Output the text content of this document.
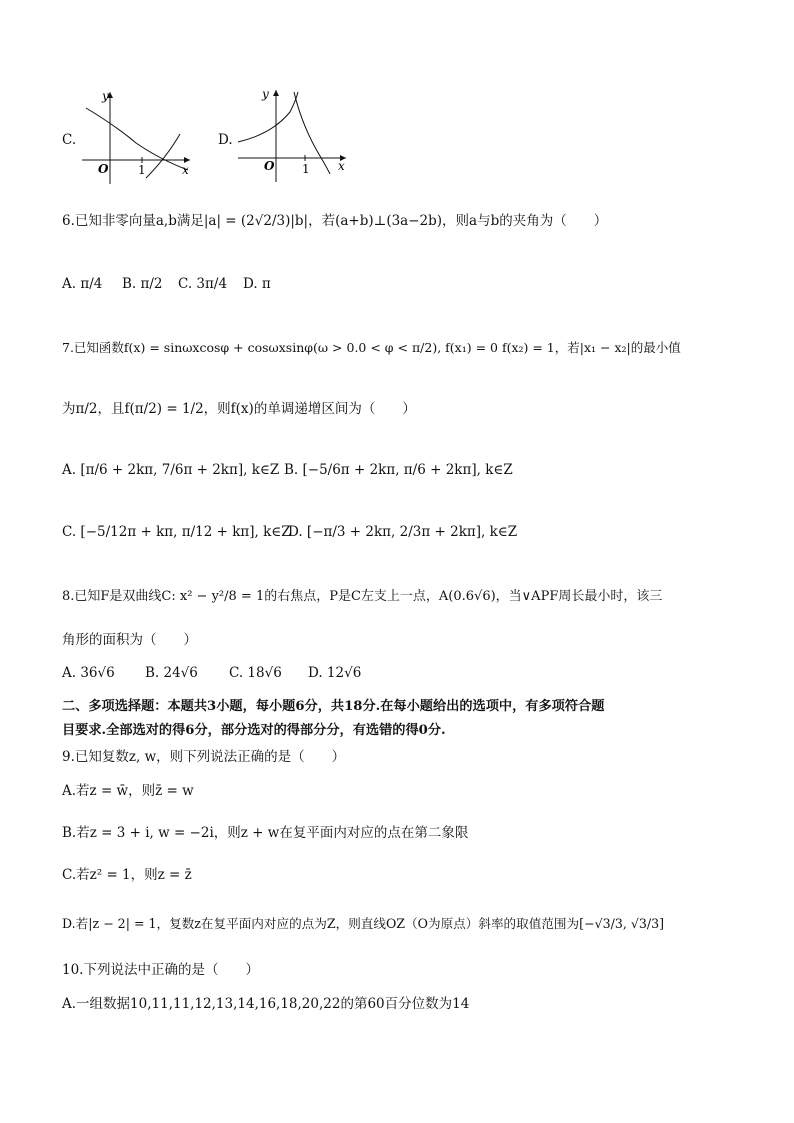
C.
y
O 1	x
D.
y
O 1 x
6.已知非零向量a,b满足|a| = (2√2/3)|b|，若(a+b)⊥(3a−2b)，则a与b的夹角为（　　）
A. π/4 B. π/2 C. 3π/4 D. π
7.已知函数f(x) = sinωxcosφ + cosωxsinφ(ω > 0.0 < φ < π/2), f(x₁) = 0 f(x₂) = 1，若|x₁ − x₂|的最小值
为π/2，且f(π/2) = 1/2，则f(x)的单调递增区间为（　　）
A. [π/6 + 2kπ, 7/6π + 2kπ], k∈Z B. [−5/6π + 2kπ, π/6 + 2kπ], k∈Z
C. [−5/12π + kπ, π/12 + kπ], k∈Z
D. [−π/3 + 2kπ, 2/3π + 2kπ], k∈Z
8.已知F是双曲线C: x² − y²/8 = 1的右焦点，P是C左支上一点，A(0.6√6)，当∨APF周长最小时，该三
角形的面积为（　　）
A. 36√6 B. 24√6 C. 18√6 D. 12√6
二、多项选择题：本题共3小题，每小题6分，共18分.在每小题给出的选项中，有多项符合题
目要求.全部选对的得6分，部分选对的得部分分，有选错的得0分.
9.已知复数z, w，则下列说法正确的是（　　）
A.若z = w̄，则z̄ = w
B.若z = 3 + i, w = −2i，则z + w在复平面内对应的点在第二象限
C.若z² = 1，则z = z̄
D.若|z − 2| = 1，复数z在复平面内对应的点为Z，则直线OZ（O为原点）斜率的取值范围为[−√3/3, √3/3]
10.下列说法中正确的是（　　）
A.一组数据10,11,11,12,13,14,16,18,20,22的第60百分位数为14
